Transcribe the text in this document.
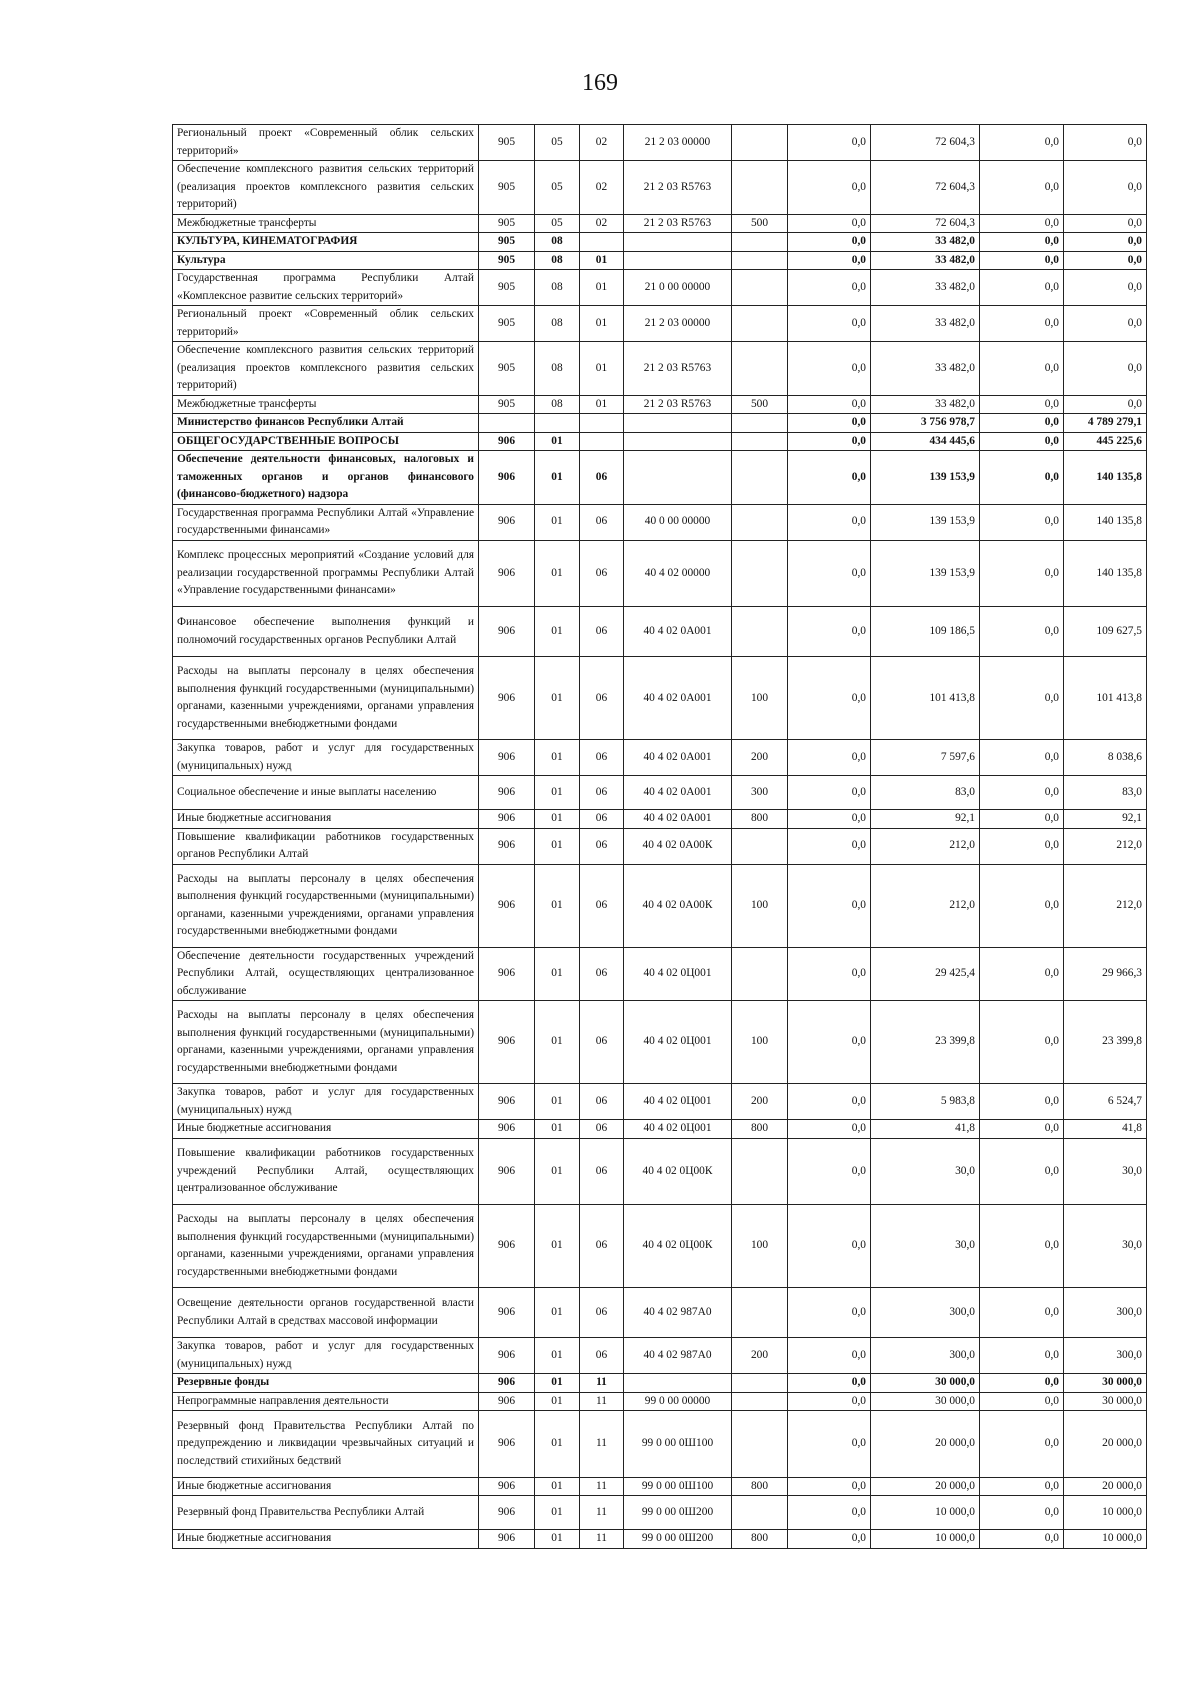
169
Региональный проект «Современный облик сельских территорий»	905	05	02	21 2 03 00000		0,0	72 604,3	0,0	0,0
Обеспечение комплексного развития сельских территорий (реализация проектов комплексного развития сельских территорий)	905	05	02	21 2 03 R5763		0,0	72 604,3	0,0	0,0
Межбюджетные трансферты	905	05	02	21 2 03 R5763	500	0,0	72 604,3	0,0	0,0
КУЛЬТУРА, КИНЕМАТОГРАФИЯ	905	08				0,0	33 482,0	0,0	0,0
Культура	905	08	01			0,0	33 482,0	0,0	0,0
Государственная программа Республики Алтай «Комплексное развитие сельских территорий»	905	08	01	21 0 00 00000		0,0	33 482,0	0,0	0,0
Региональный проект «Современный облик сельских территорий»	905	08	01	21 2 03 00000		0,0	33 482,0	0,0	0,0
Обеспечение комплексного развития сельских территорий (реализация проектов комплексного развития сельских территорий)	905	08	01	21 2 03 R5763		0,0	33 482,0	0,0	0,0
Межбюджетные трансферты	905	08	01	21 2 03 R5763	500	0,0	33 482,0	0,0	0,0
Министерство финансов Республики Алтай						0,0	3 756 978,7	0,0	4 789 279,1
ОБЩЕГОСУДАРСТВЕННЫЕ ВОПРОСЫ	906	01				0,0	434 445,6	0,0	445 225,6
Обеспечение деятельности финансовых, налоговых и таможенных органов и органов финансового (финансово-бюджетного) надзора	906	01	06			0,0	139 153,9	0,0	140 135,8
Государственная программа Республики Алтай «Управление государственными финансами»	906	01	06	40 0 00 00000		0,0	139 153,9	0,0	140 135,8
Комплекс процессных мероприятий «Создание условий для реализации государственной программы Республики Алтай «Управление государственными финансами»	906	01	06	40 4 02 00000		0,0	139 153,9	0,0	140 135,8
Финансовое обеспечение выполнения функций и полномочий государственных органов Республики Алтай	906	01	06	40 4 02 0А001		0,0	109 186,5	0,0	109 627,5
Расходы на выплаты персоналу в целях обеспечения выполнения функций государственными (муниципальными) органами, казенными учреждениями, органами управления государственными внебюджетными фондами	906	01	06	40 4 02 0А001	100	0,0	101 413,8	0,0	101 413,8
Закупка товаров, работ и услуг для государственных (муниципальных) нужд	906	01	06	40 4 02 0А001	200	0,0	7 597,6	0,0	8 038,6
Социальное обеспечение и иные выплаты населению	906	01	06	40 4 02 0А001	300	0,0	83,0	0,0	83,0
Иные бюджетные ассигнования	906	01	06	40 4 02 0А001	800	0,0	92,1	0,0	92,1
Повышение квалификации работников государственных органов Республики Алтай	906	01	06	40 4 02 0А00К		0,0	212,0	0,0	212,0
Расходы на выплаты персоналу в целях обеспечения выполнения функций государственными (муниципальными) органами, казенными учреждениями, органами управления государственными внебюджетными фондами	906	01	06	40 4 02 0А00К	100	0,0	212,0	0,0	212,0
Обеспечение деятельности государственных учреждений Республики Алтай, осуществляющих централизованное обслуживание	906	01	06	40 4 02 0Ц001		0,0	29 425,4	0,0	29 966,3
Расходы на выплаты персоналу в целях обеспечения выполнения функций государственными (муниципальными) органами, казенными учреждениями, органами управления государственными внебюджетными фондами	906	01	06	40 4 02 0Ц001	100	0,0	23 399,8	0,0	23 399,8
Закупка товаров, работ и услуг для государственных (муниципальных) нужд	906	01	06	40 4 02 0Ц001	200	0,0	5 983,8	0,0	6 524,7
Иные бюджетные ассигнования	906	01	06	40 4 02 0Ц001	800	0,0	41,8	0,0	41,8
Повышение квалификации работников государственных учреждений Республики Алтай, осуществляющих централизованное обслуживание	906	01	06	40 4 02 0Ц00К		0,0	30,0	0,0	30,0
Расходы на выплаты персоналу в целях обеспечения выполнения функций государственными (муниципальными) органами, казенными учреждениями, органами управления государственными внебюджетными фондами	906	01	06	40 4 02 0Ц00К	100	0,0	30,0	0,0	30,0
Освещение деятельности органов государственной власти Республики Алтай в средствах массовой информации	906	01	06	40 4 02 987А0		0,0	300,0	0,0	300,0
Закупка товаров, работ и услуг для государственных (муниципальных) нужд	906	01	06	40 4 02 987А0	200	0,0	300,0	0,0	300,0
Резервные фонды	906	01	11			0,0	30 000,0	0,0	30 000,0
Непрограммные направления деятельности	906	01	11	99 0 00 00000		0,0	30 000,0	0,0	30 000,0
Резервный фонд Правительства Республики Алтай по предупреждению и ликвидации чрезвычайных ситуаций и последствий стихийных бедствий	906	01	11	99 0 00 0Ш100		0,0	20 000,0	0,0	20 000,0
Иные бюджетные ассигнования	906	01	11	99 0 00 0Ш100	800	0,0	20 000,0	0,0	20 000,0
Резервный фонд Правительства Республики Алтай	906	01	11	99 0 00 0Ш200		0,0	10 000,0	0,0	10 000,0
Иные бюджетные ассигнования	906	01	11	99 0 00 0Ш200	800	0,0	10 000,0	0,0	10 000,0
